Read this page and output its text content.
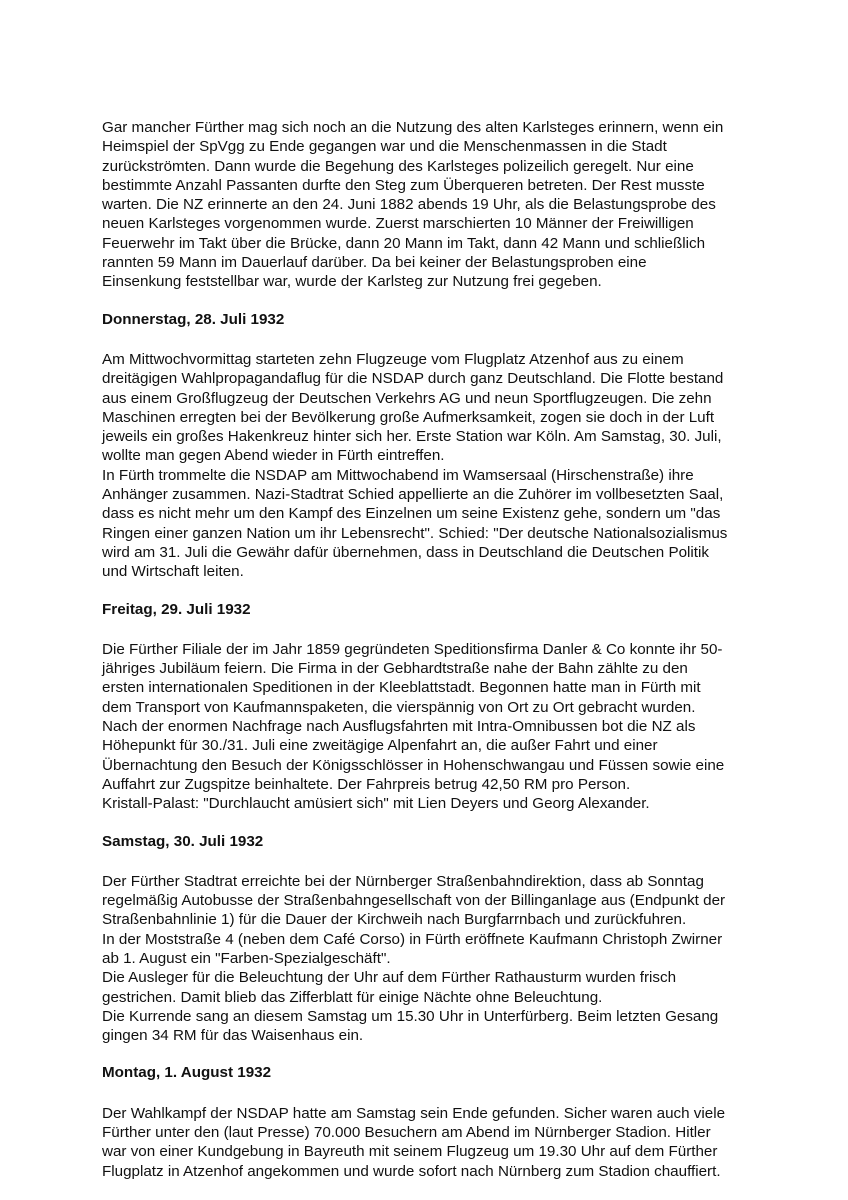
Gar mancher Fürther mag sich noch an die Nutzung des alten Karlsteges erinnern, wenn ein
Heimspiel der SpVgg zu Ende gegangen war und die Menschenmassen in die Stadt
zurückströmten. Dann wurde die Begehung des Karlsteges polizeilich geregelt. Nur eine
bestimmte Anzahl Passanten durfte den Steg zum Überqueren betreten. Der Rest musste
warten. Die NZ erinnerte an den 24. Juni 1882 abends 19 Uhr, als die Belastungsprobe des
neuen Karlsteges vorgenommen wurde. Zuerst marschierten 10 Männer der Freiwilligen
Feuerwehr im Takt über die Brücke, dann 20 Mann im Takt, dann 42 Mann und schließlich
rannten 59 Mann im Dauerlauf darüber. Da bei keiner der Belastungsproben eine
Einsenkung feststellbar war, wurde der Karlsteg zur Nutzung frei gegeben.
Donnerstag, 28. Juli 1932
Am Mittwochvormittag starteten zehn Flugzeuge vom Flugplatz Atzenhof aus zu einem
dreitägigen Wahlpropagandaflug für die NSDAP durch ganz Deutschland. Die Flotte bestand
aus einem Großflugzeug der Deutschen Verkehrs AG und neun Sportflugzeugen. Die zehn
Maschinen erregten bei der Bevölkerung große Aufmerksamkeit, zogen sie doch in der Luft
jeweils ein großes Hakenkreuz hinter sich her. Erste Station war Köln. Am Samstag, 30. Juli,
wollte man gegen Abend wieder in Fürth eintreffen.
In Fürth trommelte die NSDAP am Mittwochabend im Wamsersaal (Hirschenstraße) ihre
Anhänger zusammen. Nazi-Stadtrat Schied appellierte an die Zuhörer im vollbesetzten Saal,
dass es nicht mehr um den Kampf des Einzelnen um seine Existenz gehe, sondern um "das
Ringen einer ganzen Nation um ihr Lebensrecht". Schied: "Der deutsche Nationalsozialismus
wird am 31. Juli die Gewähr dafür übernehmen, dass in Deutschland die Deutschen Politik
und Wirtschaft leiten.
Freitag, 29. Juli 1932
Die Fürther Filiale der im Jahr 1859 gegründeten Speditionsfirma Danler & Co konnte ihr 50-
jähriges Jubiläum feiern. Die Firma in der Gebhardtstraße nahe der Bahn zählte zu den
ersten internationalen Speditionen in der Kleeblattstadt. Begonnen hatte man in Fürth mit
dem Transport von Kaufmannspaketen, die vierspännig von Ort zu Ort gebracht wurden.
Nach der enormen Nachfrage nach Ausflugsfahrten mit Intra-Omnibussen bot die NZ als
Höhepunkt für 30./31. Juli eine zweitägige Alpenfahrt an, die außer Fahrt und einer
Übernachtung den Besuch der Königsschlösser in Hohenschwangau und Füssen sowie eine
Auffahrt zur Zugspitze beinhaltete. Der Fahrpreis betrug 42,50 RM pro Person.
Kristall-Palast: "Durchlaucht amüsiert sich" mit Lien Deyers und Georg Alexander.
Samstag, 30. Juli 1932
Der Fürther Stadtrat erreichte bei der Nürnberger Straßenbahndirektion, dass ab Sonntag
regelmäßig Autobusse der Straßenbahngesellschaft von der Billinganlage aus (Endpunkt der
Straßenbahnlinie 1) für die Dauer der Kirchweih nach Burgfarrnbach und zurückfuhren.
In der Moststraße 4 (neben dem Café Corso) in Fürth eröffnete Kaufmann Christoph Zwirner
ab 1. August ein "Farben-Spezialgeschäft".
Die Ausleger für die Beleuchtung der Uhr auf dem Fürther Rathausturm wurden frisch
gestrichen. Damit blieb das Zifferblatt für einige Nächte ohne Beleuchtung.
Die Kurrende sang an diesem Samstag um 15.30 Uhr in Unterfürberg. Beim letzten Gesang
gingen 34 RM für das Waisenhaus ein.
Montag, 1. August 1932
Der Wahlkampf der NSDAP hatte am Samstag sein Ende gefunden. Sicher waren auch viele
Fürther unter den (laut Presse) 70.000 Besuchern am Abend im Nürnberger Stadion. Hitler
war von einer Kundgebung in Bayreuth mit seinem Flugzeug um 19.30 Uhr auf dem Fürther
Flugplatz in Atzenhof angekommen und wurde sofort nach Nürnberg zum Stadion chauffiert.
